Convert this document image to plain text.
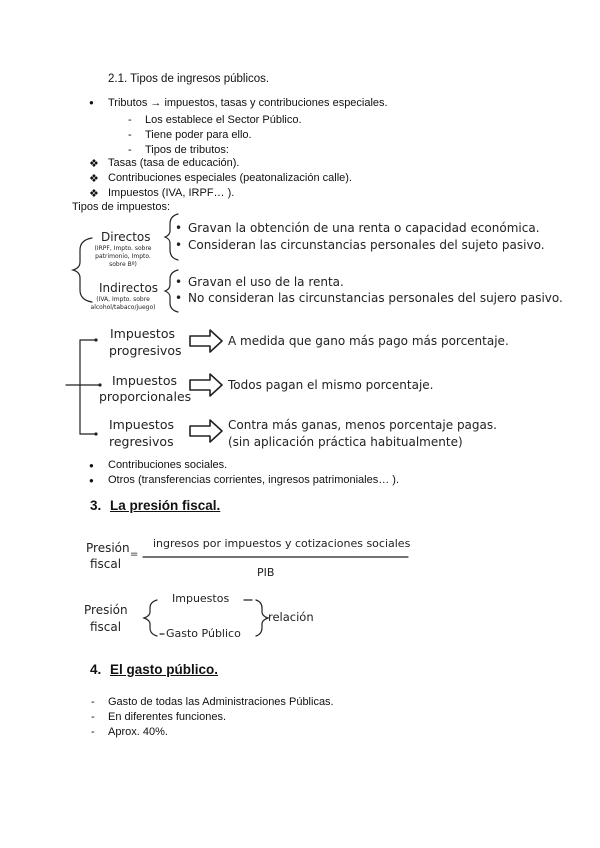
2.1. Tipos de ingresos públicos.
● Tributos → impuestos, tasas y contribuciones especiales.
- Los establece el Sector Público.
- Tiene poder para ello.
- Tipos de tributos:
❖ Tasas (tasa de educación).
❖ Contribuciones especiales (peatonalización calle).
❖ Impuestos (IVA, IRPF… ).
Tipos de impuestos:
Directos
(IRPF, Impto. sobre patrimonio, Impto. sobre Bº)
• Gravan la obtención de una renta o capacidad económica.
• Consideran las circunstancias personales del sujeto pasivo.
Indirectos
(IVA, Impto. sobre alcohol/tabaco/juego)
• Gravan el uso de la renta.
• No consideran las circunstancias personales del sujero pasivo.
Impuestos
progresivos
A medida que gano más pago más porcentaje.
Impuestos
proporcionales
Todos pagan el mismo porcentaje.
Impuestos
regresivos
Contra más ganas, menos porcentaje pagas.
(sin aplicación práctica habitualmente)
● Contribuciones sociales.
● Otros (transferencias corrientes, ingresos patrimoniales… ).
3. La presión fiscal.
Presión
fiscal
=
ingresos por impuestos y cotizaciones sociales
PIB
Presión
fiscal
Impuestos
Gasto Público
relación
4. El gasto público.
- Gasto de todas las Administraciones Públicas.
- En diferentes funciones.
- Aprox. 40%.
